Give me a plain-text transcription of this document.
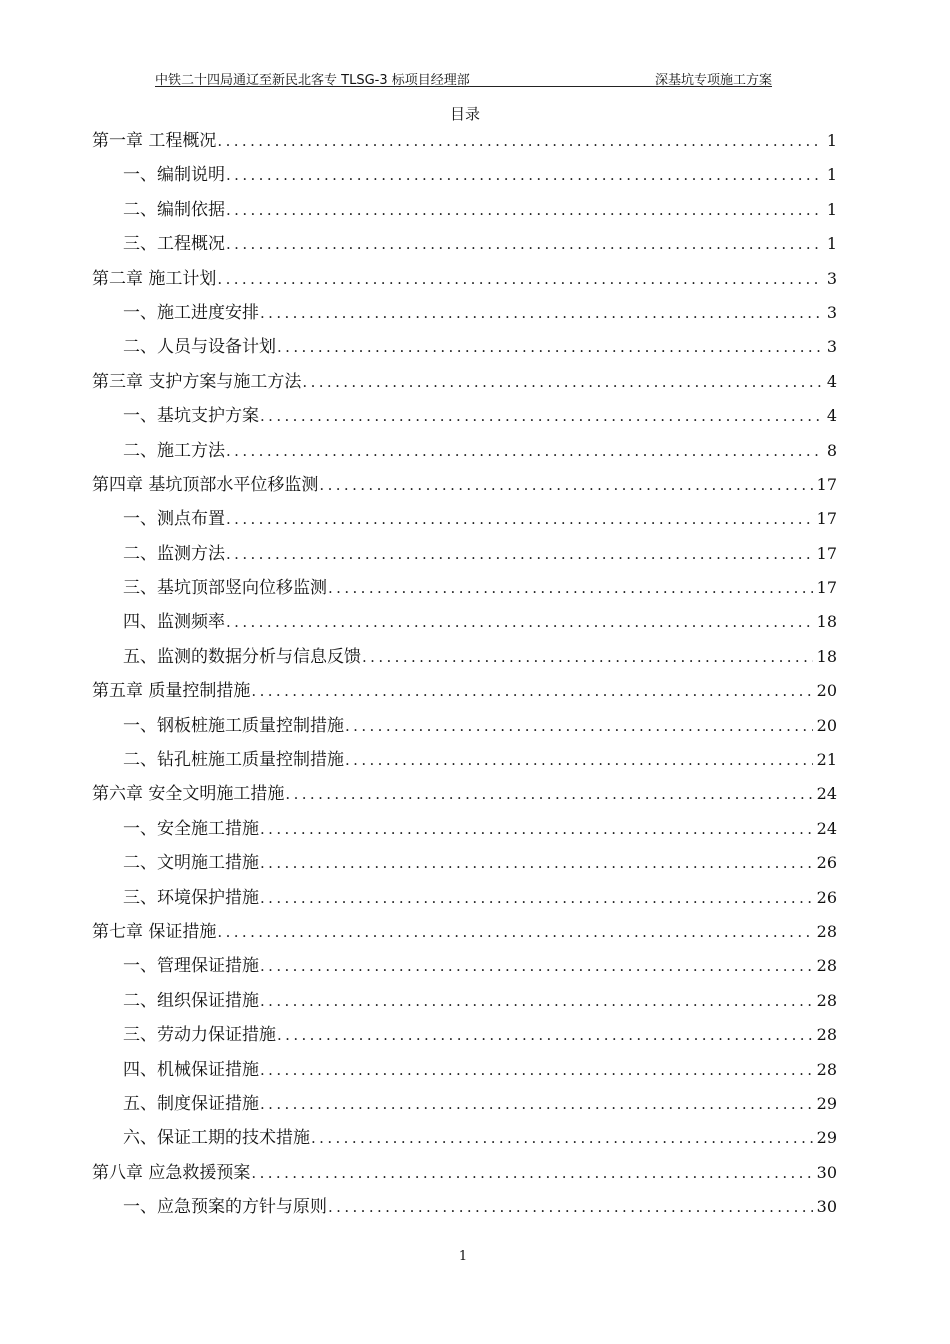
中铁二十四局通辽至新民北客专 TLSG-3 标项目经理部	深基坑专项施工方案
目录
第一章 工程概况 .....	1
一、编制说明 .....	1
二、编制依据 .....	1
三、工程概况 .....	1
第二章 施工计划 .....	3
一、施工进度安排 .....	3
二、人员与设备计划 .....	3
第三章 支护方案与施工方法 .....	4
一、基坑支护方案 .....	4
二、施工方法 .....	8
第四章 基坑顶部水平位移监测 .....	17
一、测点布置 .....	17
二、监测方法 .....	17
三、基坑顶部竖向位移监测 .....	17
四、监测频率 .....	18
五、监测的数据分析与信息反馈 .....	18
第五章 质量控制措施 .....	20
一、钢板桩施工质量控制措施 .....	20
二、钻孔桩施工质量控制措施 .....	21
第六章 安全文明施工措施 .....	24
一、安全施工措施 .....	24
二、文明施工措施 .....	26
三、环境保护措施 .....	26
第七章 保证措施 .....	28
一、管理保证措施 .....	28
二、组织保证措施 .....	28
三、劳动力保证措施 .....	28
四、机械保证措施 .....	28
五、制度保证措施 .....	29
六、保证工期的技术措施 .....	29
第八章 应急救援预案 .....	30
一、应急预案的方针与原则 .....	30
1
